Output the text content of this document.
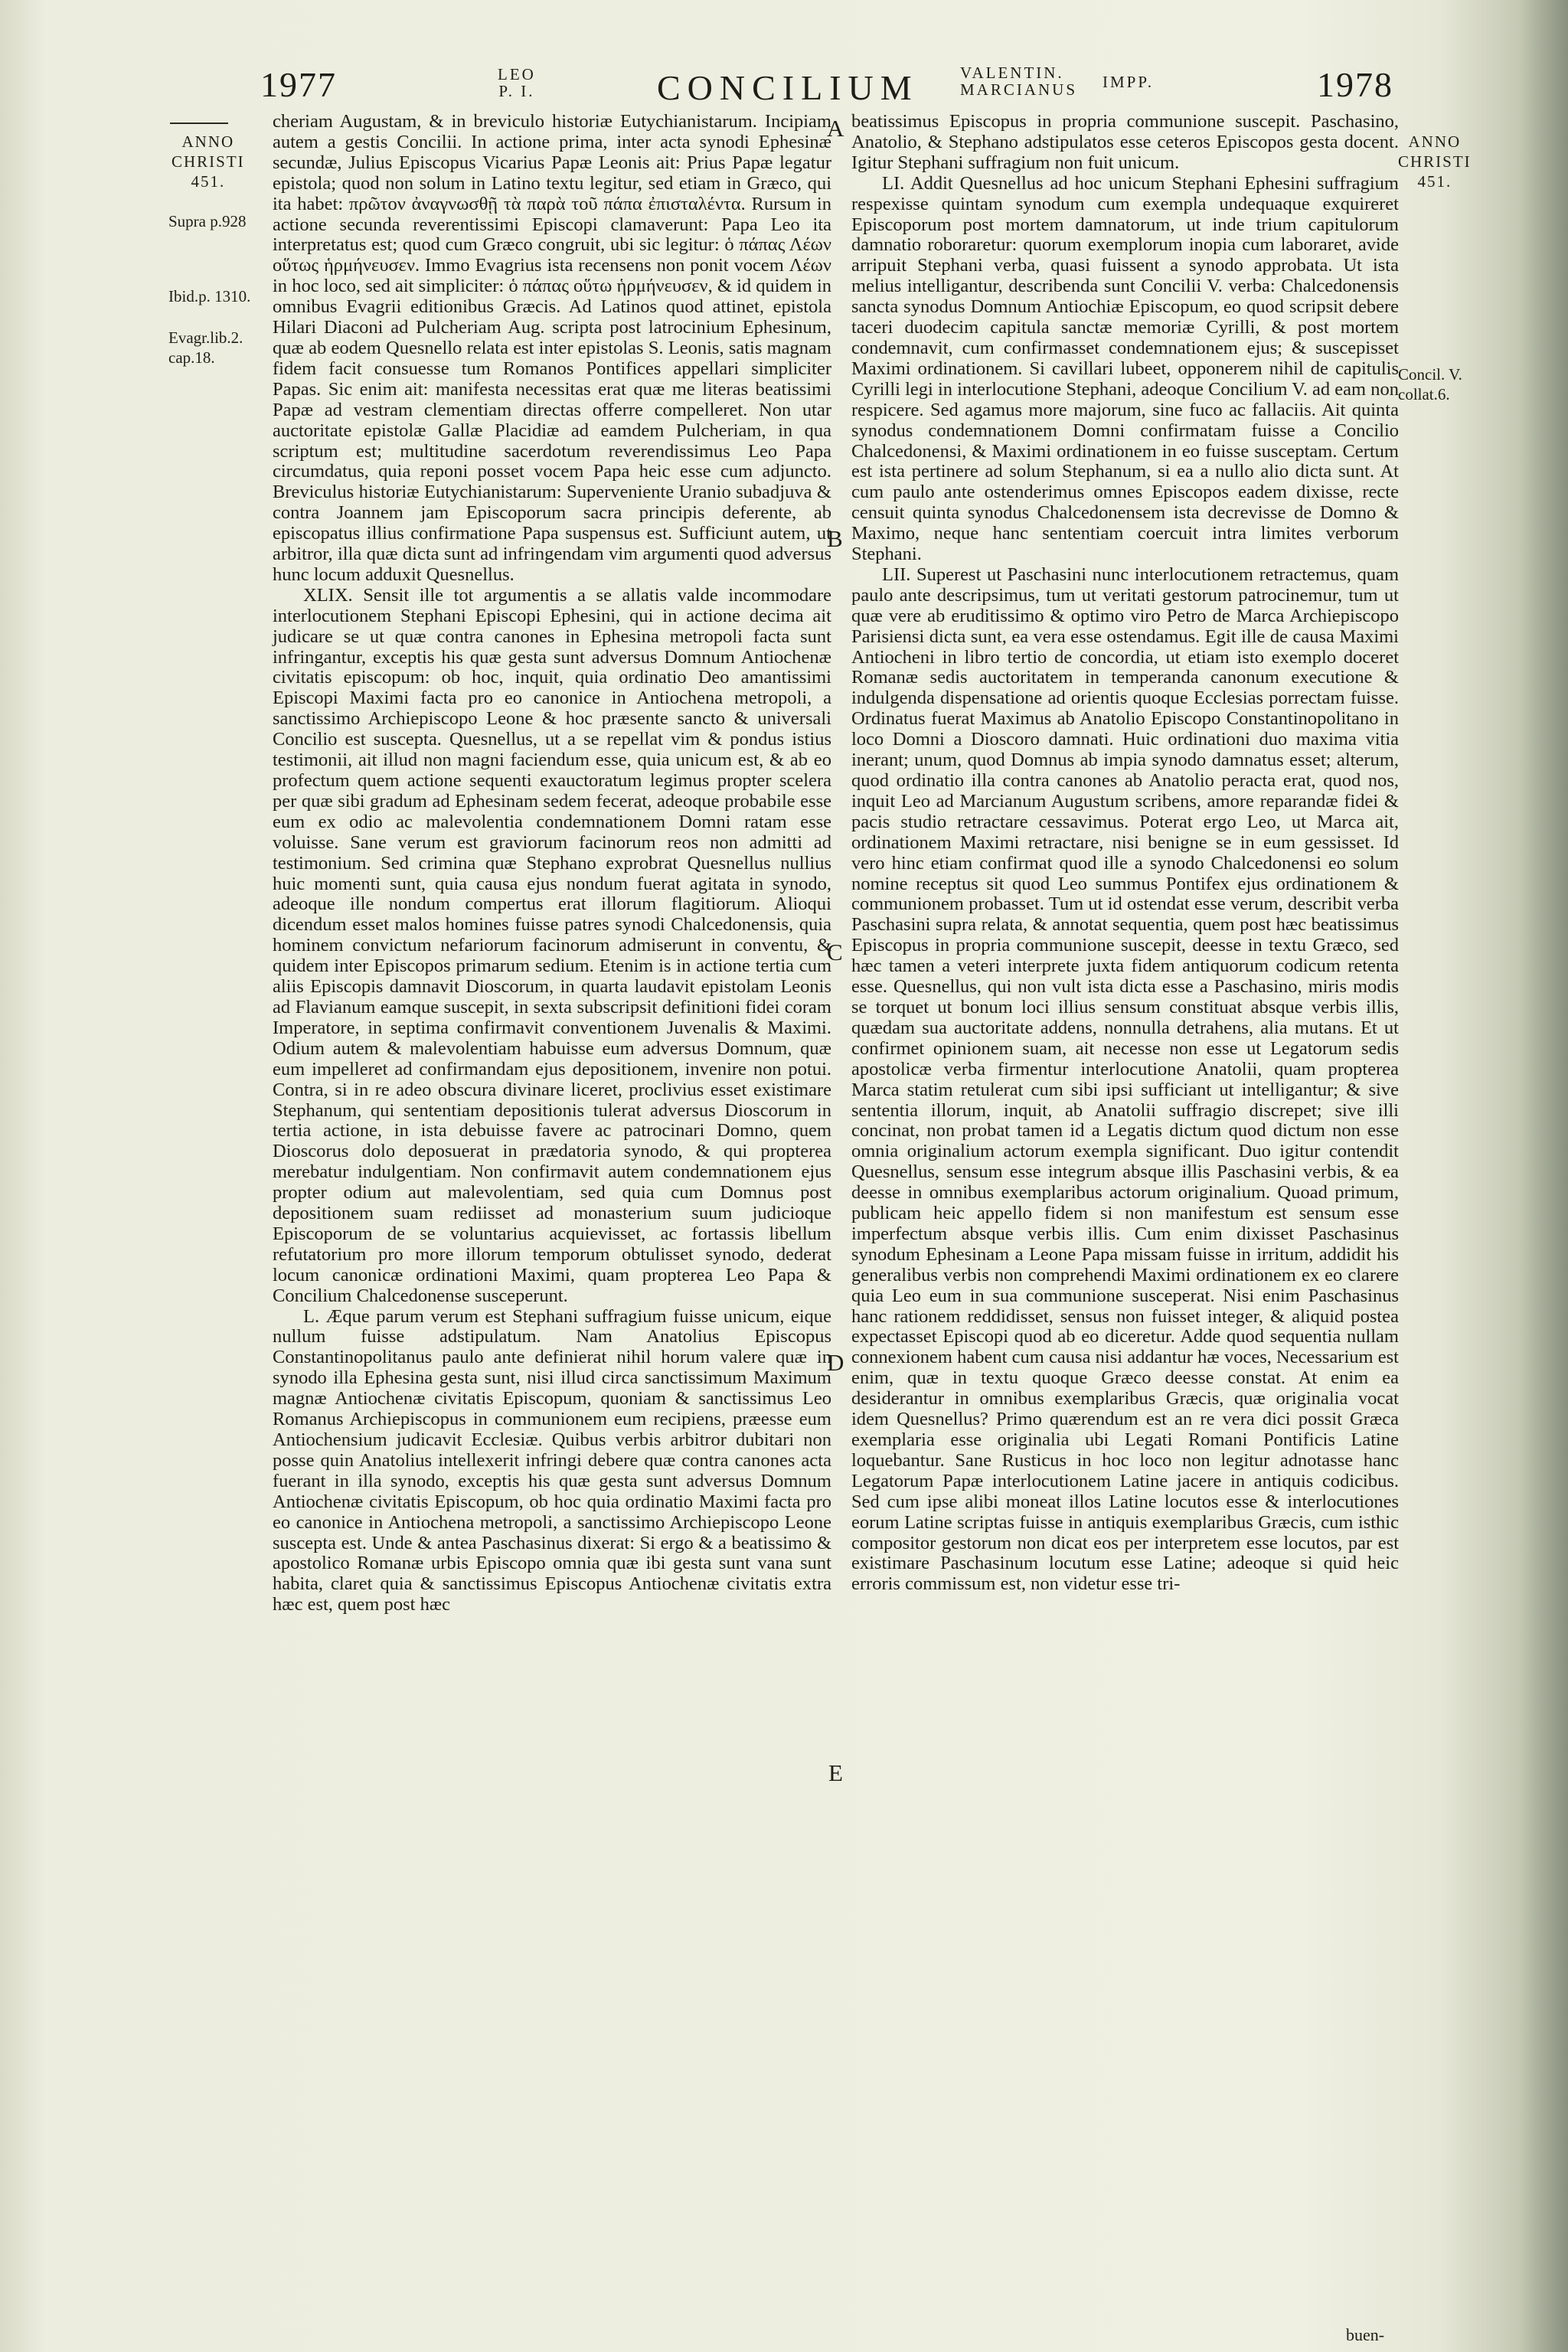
1977	LEO
P. I.	CONCILIUM	VALENTIN.
MARCIANUS IMPP.	1978
ANNO
CHRISTI
451.
Supra p.928
Ibid.p. 1310.
Evagr.lib.2.
cap.18.
ANNO
CHRISTI
451.
Concil. V.
collat.6.
A
B
C
D
E

cheriam Augustam, & in breviculo historiæ Eutychianistarum. Incipiam autem a gestis Concilii. In actione prima, inter acta synodi Ephesinæ secundæ, Julius Episcopus Vicarius Papæ Leonis ait: Prius Papæ legatur epistola; quod non solum in Latino textu legitur, sed etiam in Græco, qui ita habet: πρῶτον ἀναγνωσθῇ τὰ παρὰ τοῦ πάπα ἐπισταλέντα. Rursum in actione secunda reverentissimi Episcopi clamaverunt: Papa Leo ita interpretatus est; quod cum Græco congruit, ubi sic legitur: ὁ πάπας Λέων οὕτως ἡρμήνευσεν. Immo Evagrius ista recensens non ponit vocem Λέων in hoc loco, sed ait simpliciter: ὁ πάπας οὕτω ἡρμήνευσεν, & id quidem in omnibus Evagrii editionibus Græcis. Ad Latinos quod attinet, epistola Hilari Diaconi ad Pulcheriam Aug. scripta post latrocinium Ephesinum, quæ ab eodem Quesnello relata est inter epistolas S. Leonis, satis magnam fidem facit consuesse tum Romanos Pontifices appellari simpliciter Papas. Sic enim ait: manifesta necessitas erat quæ me literas beatissimi Papæ ad vestram clementiam directas offerre compelleret. Non utar auctoritate epistolæ Gallæ Placidiæ ad eamdem Pulcheriam, in qua scriptum est; multitudine sacerdotum reverendissimus Leo Papa circumdatus, quia reponi posset vocem Papa heic esse cum adjuncto. Breviculus historiæ Eutychianistarum: Superveniente Uranio subadjuva & contra Joannem jam Episcoporum sacra principis deferente, ab episcopatus illius confirmatione Papa suspensus est. Sufficiunt autem, ut arbitror, illa quæ dicta sunt ad infringendam vim argumenti quod adversus hunc locum adduxit Quesnellus.

XLIX. Sensit ille tot argumentis a se allatis valde incommodare interlocutionem Stephani Episcopi Ephesini, qui in actione decima ait judicare se ut quæ contra canones in Ephesina metropoli facta sunt infringantur, exceptis his quæ gesta sunt adversus Domnum Antiochenæ civitatis episcopum: ob hoc, inquit, quia ordinatio Deo amantissimi Episcopi Maximi facta pro eo canonice in Antiochena metropoli, a sanctissimo Archiepiscopo Leone & hoc præsente sancto & universali Concilio est suscepta. Quesnellus, ut a se repellat vim & pondus istius testimonii, ait illud non magni faciendum esse, quia unicum est, & ab eo profectum quem actione sequenti exauctoratum legimus propter scelera per quæ sibi gradum ad Ephesinam sedem fecerat, adeoque probabile esse eum ex odio ac malevolentia condemnationem Domni ratam esse voluisse. Sane verum est graviorum facinorum reos non admitti ad testimonium. Sed crimina quæ Stephano exprobrat Quesnellus nullius huic momenti sunt, quia causa ejus nondum fuerat agitata in synodo, adeoque ille nondum compertus erat illorum flagitiorum. Alioqui dicendum esset malos homines fuisse patres synodi Chalcedonensis, quia hominem convictum nefariorum facinorum admiserunt in conventu, & quidem inter Episcopos primarum sedium. Etenim is in actione tertia cum aliis Episcopis damnavit Dioscorum, in quarta laudavit epistolam Leonis ad Flavianum eamque suscepit, in sexta subscripsit definitioni fidei coram Imperatore, in septima confirmavit conventionem Juvenalis & Maximi. Odium autem & malevolentiam habuisse eum adversus Domnum, quæ eum impelleret ad confirmandam ejus depositionem, invenire non potui. Contra, si in re adeo obscura divinare liceret, proclivius esset existimare Stephanum, qui sententiam depositionis tulerat adversus Dioscorum in tertia actione, in ista debuisse favere ac patrocinari Domno, quem Dioscorus dolo deposuerat in prædatoria synodo, & qui propterea merebatur indulgentiam. Non confirmavit autem condemnationem ejus propter odium aut malevolentiam, sed quia cum Domnus post depositionem suam rediisset ad monasterium suum judicioque Episcoporum de se voluntarius acquievisset, ac fortassis libellum refutatorium pro more illorum temporum obtulisset synodo, dederat locum canonicæ ordinationi Maximi, quam propterea Leo Papa & Concilium Chalcedonense susceperunt.

L. Æque parum verum est Stephani suffragium fuisse unicum, eique nullum fuisse adstipulatum. Nam Anatolius Episcopus Constantinopolitanus paulo ante definierat nihil horum valere quæ in synodo illa Ephesina gesta sunt, nisi illud circa sanctissimum Maximum magnæ Antiochenæ civitatis Episcopum, quoniam & sanctissimus Leo Romanus Archiepiscopus in communionem eum recipiens, præesse eum Antiochensium judicavit Ecclesiæ. Quibus verbis arbitror dubitari non posse quin Anatolius intellexerit infringi debere quæ contra canones acta fuerant in illa synodo, exceptis his quæ gesta sunt adversus Domnum Antiochenæ civitatis Episcopum, ob hoc quia ordinatio Maximi facta pro eo canonice in Antiochena metropoli, a sanctissimo Archiepiscopo Leone suscepta est. Unde & antea Paschasinus dixerat: Si ergo & a beatissimo & apostolico Romanæ urbis Episcopo omnia quæ ibi gesta sunt vana sunt habita, claret quia & sanctissimus Episcopus Antiochenæ civitatis extra hæc est, quem post hæc

beatissimus Episcopus in propria communione suscepit. Paschasino, Anatolio, & Stephano adstipulatos esse ceteros Episcopos gesta docent. Igitur Stephani suffragium non fuit unicum.

LI. Addit Quesnellus ad hoc unicum Stephani Ephesini suffragium respexisse quintam synodum cum exempla undequaque exquireret Episcoporum post mortem damnatorum, ut inde trium capitulorum damnatio roboraretur: quorum exemplorum inopia cum laboraret, avide arripuit Stephani verba, quasi fuissent a synodo approbata. Ut ista melius intelligantur, describenda sunt Concilii V. verba: Chalcedonensis sancta synodus Domnum Antiochiæ Episcopum, eo quod scripsit debere taceri duodecim capitula sanctæ memoriæ Cyrilli, & post mortem condemnavit, cum confirmasset condemnationem ejus; & suscepisset Maximi ordinationem. Si cavillari lubeet, opponerem nihil de capitulis Cyrilli legi in interlocutione Stephani, adeoque Concilium V. ad eam non respicere. Sed agamus more majorum, sine fuco ac fallaciis. Ait quinta synodus condemnationem Domni confirmatam fuisse a Concilio Chalcedonensi, & Maximi ordinationem in eo fuisse susceptam. Certum est ista pertinere ad solum Stephanum, si ea a nullo alio dicta sunt. At cum paulo ante ostenderimus omnes Episcopos eadem dixisse, recte censuit quinta synodus Chalcedonensem ista decrevisse de Domno & Maximo, neque hanc sententiam coercuit intra limites verborum Stephani.

LII. Superest ut Paschasini nunc interlocutionem retractemus, quam paulo ante descripsimus, tum ut veritati gestorum patrocinemur, tum ut quæ vere ab eruditissimo & optimo viro Petro de Marca Archiepiscopo Parisiensi dicta sunt, ea vera esse ostendamus. Egit ille de causa Maximi Antiocheni in libro tertio de concordia, ut etiam isto exemplo doceret Romanæ sedis auctoritatem in temperanda canonum executione & indulgenda dispensatione ad orientis quoque Ecclesias porrectam fuisse. Ordinatus fuerat Maximus ab Anatolio Episcopo Constantinopolitano in loco Domni a Dioscoro damnati. Huic ordinationi duo maxima vitia inerant; unum, quod Domnus ab impia synodo damnatus esset; alterum, quod ordinatio illa contra canones ab Anatolio peracta erat, quod nos, inquit Leo ad Marcianum Augustum scribens, amore reparandæ fidei & pacis studio retractare cessavimus. Poterat ergo Leo, ut Marca ait, ordinationem Maximi retractare, nisi benigne se in eum gessisset. Id vero hinc etiam confirmat quod ille a synodo Chalcedonensi eo solum nomine receptus sit quod Leo summus Pontifex ejus ordinationem & communionem probasset. Tum ut id ostendat esse verum, describit verba Paschasini supra relata, & annotat sequentia, quem post hæc beatissimus Episcopus in propria communione suscepit, deesse in textu Græco, sed hæc tamen a veteri interprete juxta fidem antiquorum codicum retenta esse. Quesnellus, qui non vult ista dicta esse a Paschasino, miris modis se torquet ut bonum loci illius sensum constituat absque verbis illis, quædam sua auctoritate addens, nonnulla detrahens, alia mutans. Et ut confirmet opinionem suam, ait necesse non esse ut Legatorum sedis apostolicæ verba firmentur interlocutione Anatolii, quam propterea Marca statim retulerat cum sibi ipsi sufficiant ut intelligantur; & sive sententia illorum, inquit, ab Anatolii suffragio discrepet; sive illi concinat, non probat tamen id a Legatis dictum quod dictum non esse omnia originalium actorum exempla significant. Duo igitur contendit Quesnellus, sensum esse integrum absque illis Paschasini verbis, & ea deesse in omnibus exemplaribus actorum originalium. Quoad primum, publicam heic appello fidem si non manifestum est sensum esse imperfectum absque verbis illis. Cum enim dixisset Paschasinus synodum Ephesinam a Leone Papa missam fuisse in irritum, addidit his generalibus verbis non comprehendi Maximi ordinationem ex eo clarere quia Leo eum in sua communione susceperat. Nisi enim Paschasinus hanc rationem reddidisset, sensus non fuisset integer, & aliquid postea expectasset Episcopi quod ab eo diceretur. Adde quod sequentia nullam connexionem habent cum causa nisi addantur hæ voces, Necessarium est enim, quæ in textu quoque Græco deesse constat. At enim ea desiderantur in omnibus exemplaribus Græcis, quæ originalia vocat idem Quesnellus? Primo quærendum est an re vera dici possit Græca exemplaria esse originalia ubi Legati Romani Pontificis Latine loquebantur. Sane Rusticus in hoc loco non legitur adnotasse hanc Legatorum Papæ interlocutionem Latine jacere in antiquis codicibus. Sed cum ipse alibi moneat illos Latine locutos esse & interlocutiones eorum Latine scriptas fuisse in antiquis exemplaribus Græcis, cum isthic compositor gestorum non dicat eos per interpretem esse locutos, par est existimare Paschasinum locutum esse Latine; adeoque si quid heic erroris commissum est, non videtur esse tri-

buen-
